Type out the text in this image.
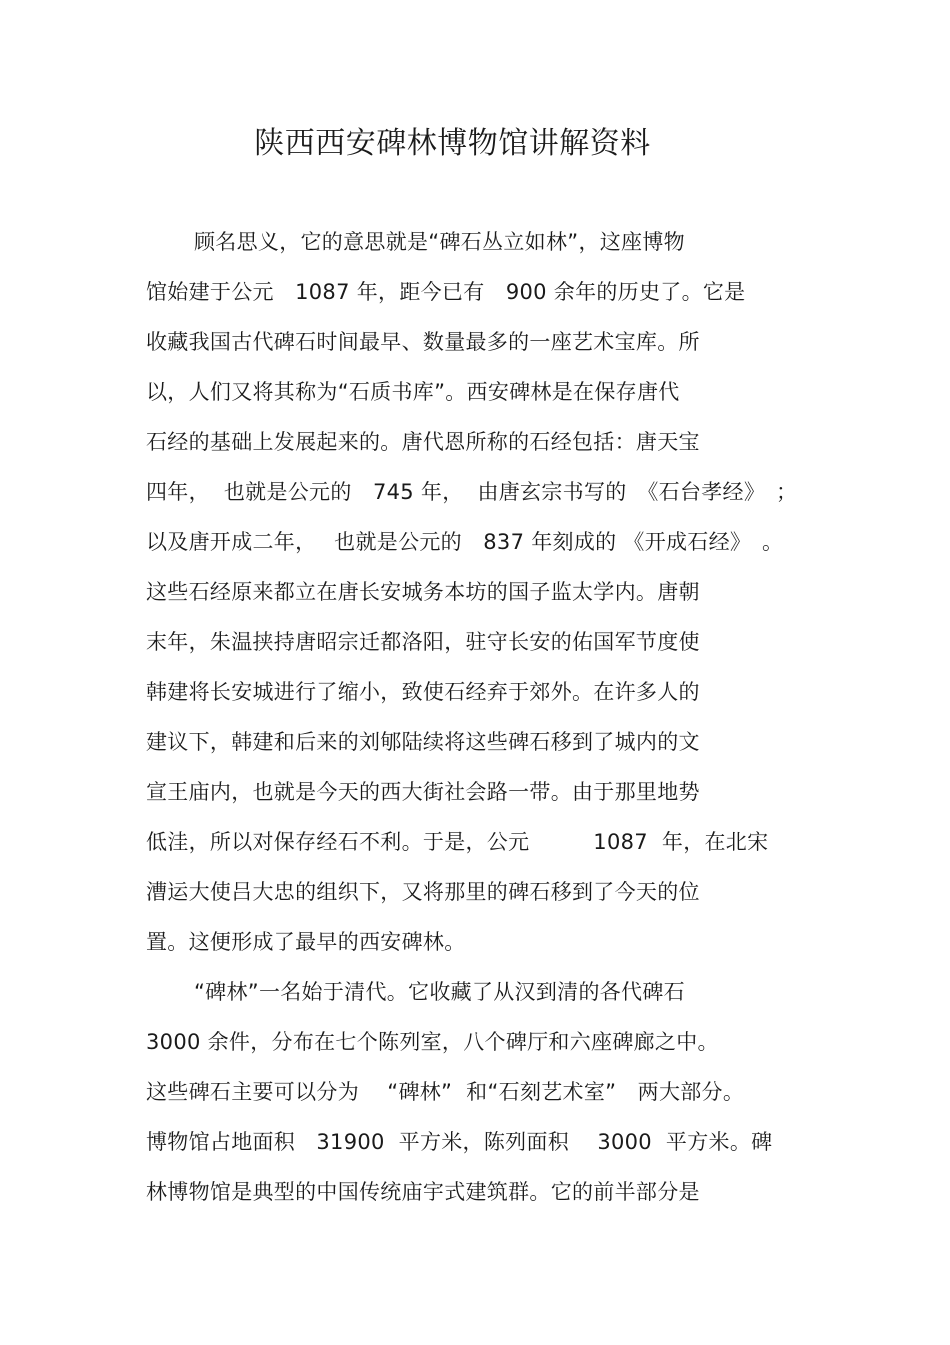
陕西西安碑林博物馆讲解资料
顾名思义，它的意思就是“碑石丛立如林”，这座博物
馆始建于公元　1087 年，距今已有　900 余年的历史了。它是
收藏我国古代碑石时间最早、数量最多的一座艺术宝库。所
以，人们又将其称为“石质书库”。西安碑林是在保存唐代
石经的基础上发展起来的。唐代恩所称的石经包括：唐天宝
四年，  也就是公元的　745 年，  由唐玄宗书写的　《石台孝经》　；
以及唐开成二年，　 也就是公元的　837 年刻成的 《开成石经》　。
这些石经原来都立在唐长安城务本坊的国子监太学内。唐朝
末年，朱温挟持唐昭宗迁都洛阳，驻守长安的佑国军节度使
韩建将长安城进行了缩小，致使石经弃于郊外。在许多人的
建议下，韩建和后来的刘郇陆续将这些碑石移到了城内的文
宣王庙内，也就是今天的西大街社会路一带。由于那里地势
低洼，所以对保存经石不利。于是，公元　　　1087  年，在北宋
漕运大使吕大忠的组织下，又将那里的碑石移到了今天的位
置。这便形成了最早的西安碑林。
“碑林”一名始于清代。它收藏了从汉到清的各代碑石
3000 余件，分布在七个陈列室，八个碑厅和六座碑廊之中。
这些碑石主要可以分为　 “碑林”  和“石刻艺术室”　两大部分。
博物馆占地面积　31900  平方米，陈列面积　 3000  平方米。碑
林博物馆是典型的中国传统庙宇式建筑群。它的前半部分是
